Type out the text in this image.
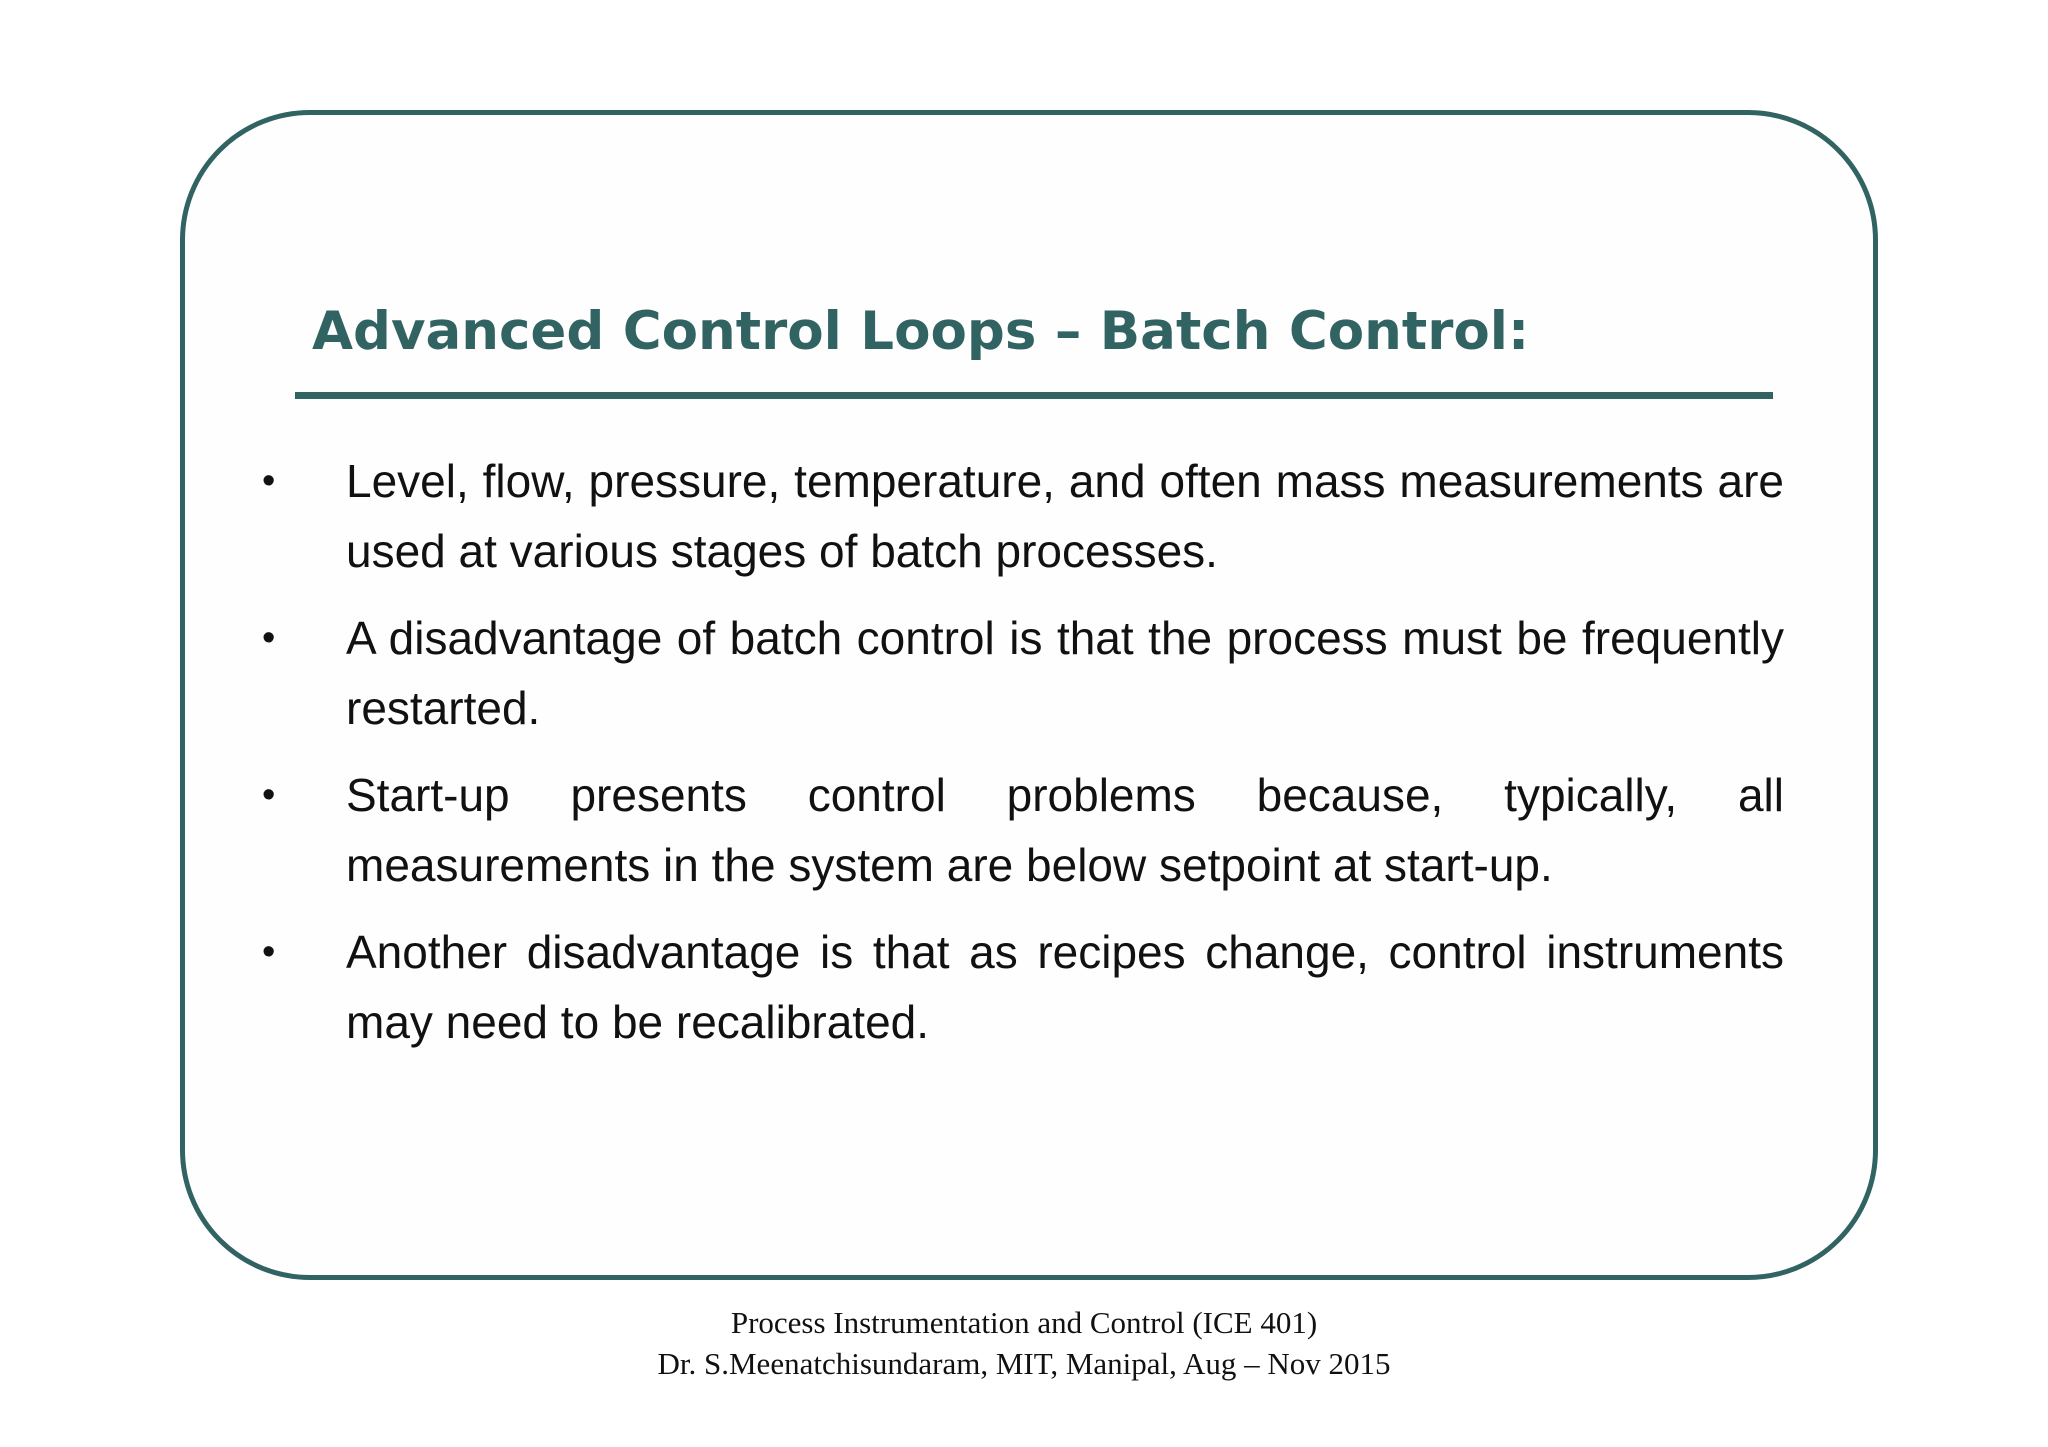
Advanced Control Loops – Batch Control:
•	Level, flow, pressure, temperature, and often mass measurements are used at various stages of batch processes.
•	A disadvantage of batch control is that the process must be frequently restarted.
•	Start-up presents control problems because, typically, all measurements in the system are below setpoint at start-up.
•	Another disadvantage is that as recipes change, control instruments may need to be recalibrated.
Process Instrumentation and Control (ICE 401)
Dr. S.Meenatchisundaram, MIT, Manipal, Aug – Nov 2015
